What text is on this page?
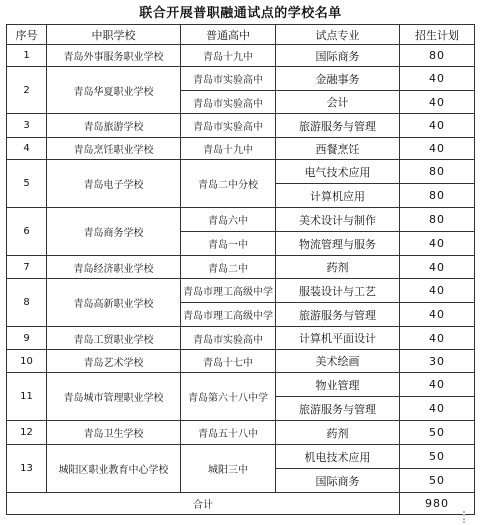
联合开展普职融通试点的学校名单
序号	中职学校	普通高中	试点专业	招生计划
1	青岛外事服务职业学校	青岛十九中	国际商务	80
2	青岛华夏职业学校	青岛市实验高中	金融事务	40
		青岛市实验高中	会计	40
3	青岛旅游学校	青岛市实验高中	旅游服务与管理	40
4	青岛烹饪职业学校	青岛十九中	西餐烹饪	40
5	青岛电子学校	青岛二中分校	电气技术应用	80
			计算机应用	80
6	青岛商务学校	青岛六中	美术设计与制作	80
		青岛一中	物流管理与服务	40
7	青岛经济职业学校	青岛二中	药剂	40
8	青岛高新职业学校	青岛市理工高级中学	服装设计与工艺	40
		青岛市理工高级中学	旅游服务与管理	40
9	青岛工贸职业学校	青岛市实验高中	计算机平面设计	40
10	青岛艺术学校	青岛十七中	美术绘画	30
11	青岛城市管理职业学校	青岛第六十八中学	物业管理	40
			旅游服务与管理	40
12	青岛卫生学校	青岛五十八中	药剂	50
13	城阳区职业教育中心学校	城阳三中	机电技术应用	50
			国际商务	50
合计				980
